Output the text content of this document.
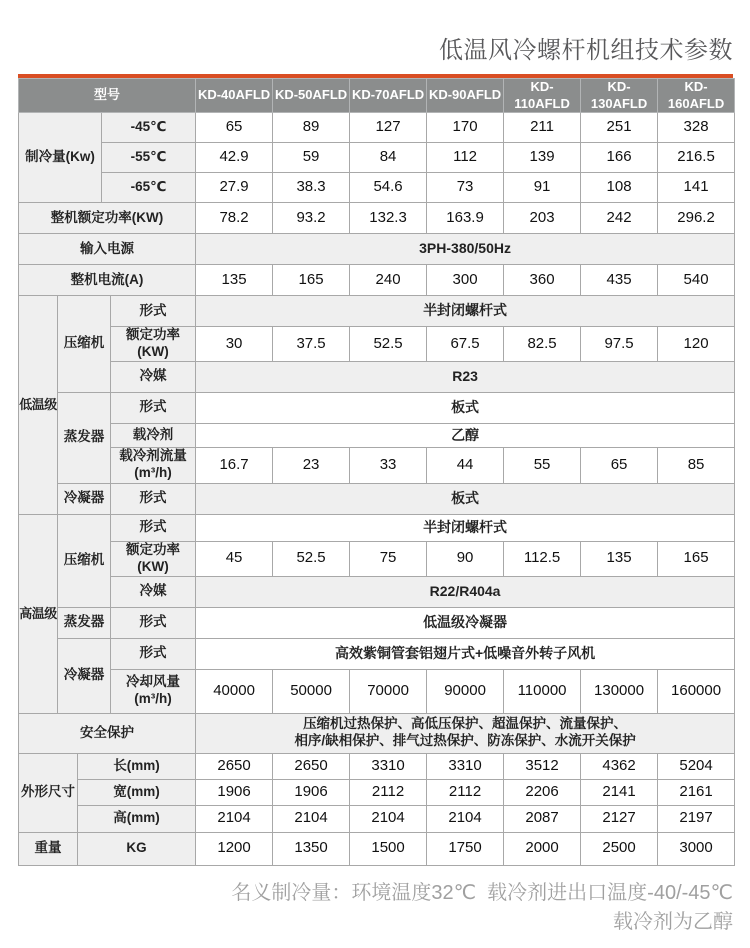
低温风冷螺杆机组技术参数
型号					KD-40AFLD	KD-50AFLD	KD-70AFLD	KD-90AFLD	KD-110AFLD	KD-130AFLD	KD-160AFLD
制冷量(Kw)			-45℃		65	89	127	170	211	251	328
			-55℃		42.9	59	84	112	139	166	216.5
			-65℃		27.9	38.3	54.6	73	91	108	141
整机额定功率(KW)					78.2	93.2	132.3	163.9	203	242	296.2
输入电源					3PH-380/50Hz						
整机电流(A)					135	165	240	300	360	435	540
低温级	压缩机			形式	半封闭螺杆式						
				额定功率(KW)	30	37.5	52.5	67.5	82.5	97.5	120
				冷媒	R23						
	蒸发器			形式	板式						
				载冷剂	乙醇						
				载冷剂流量(m³/h)	16.7	23	33	44	55	65	85
	冷凝器			形式	板式						
高温级	压缩机			形式	半封闭螺杆式						
				额定功率(KW)	45	52.5	75	90	112.5	135	165
				冷媒	R22/R404a						
	蒸发器			形式	低温级冷凝器						
	冷凝器			形式	高效紫铜管套铝翅片式+低噪音外转子风机						
				冷却风量(m³/h)	40000	50000	70000	90000	110000	130000	160000
安全保护					压缩机过热保护、高低压保护、超温保护、流量保护、
相序/缺相保护、排气过热保护、防冻保护、水流开关保护						

外形尺寸		长(mm)			2650	2650	3310	3310	3512	4362	5204
		宽(mm)			1906	1906	2112	2112	2206	2141	2161
		高(mm)			2104	2104	2104	2104	2087	2127	2197
重量		KG			1200	1350	1500	1750	2000	2500	3000
名义制冷量：环境温度32℃  载冷剂进出口温度-40/-45℃
载冷剂为乙醇
